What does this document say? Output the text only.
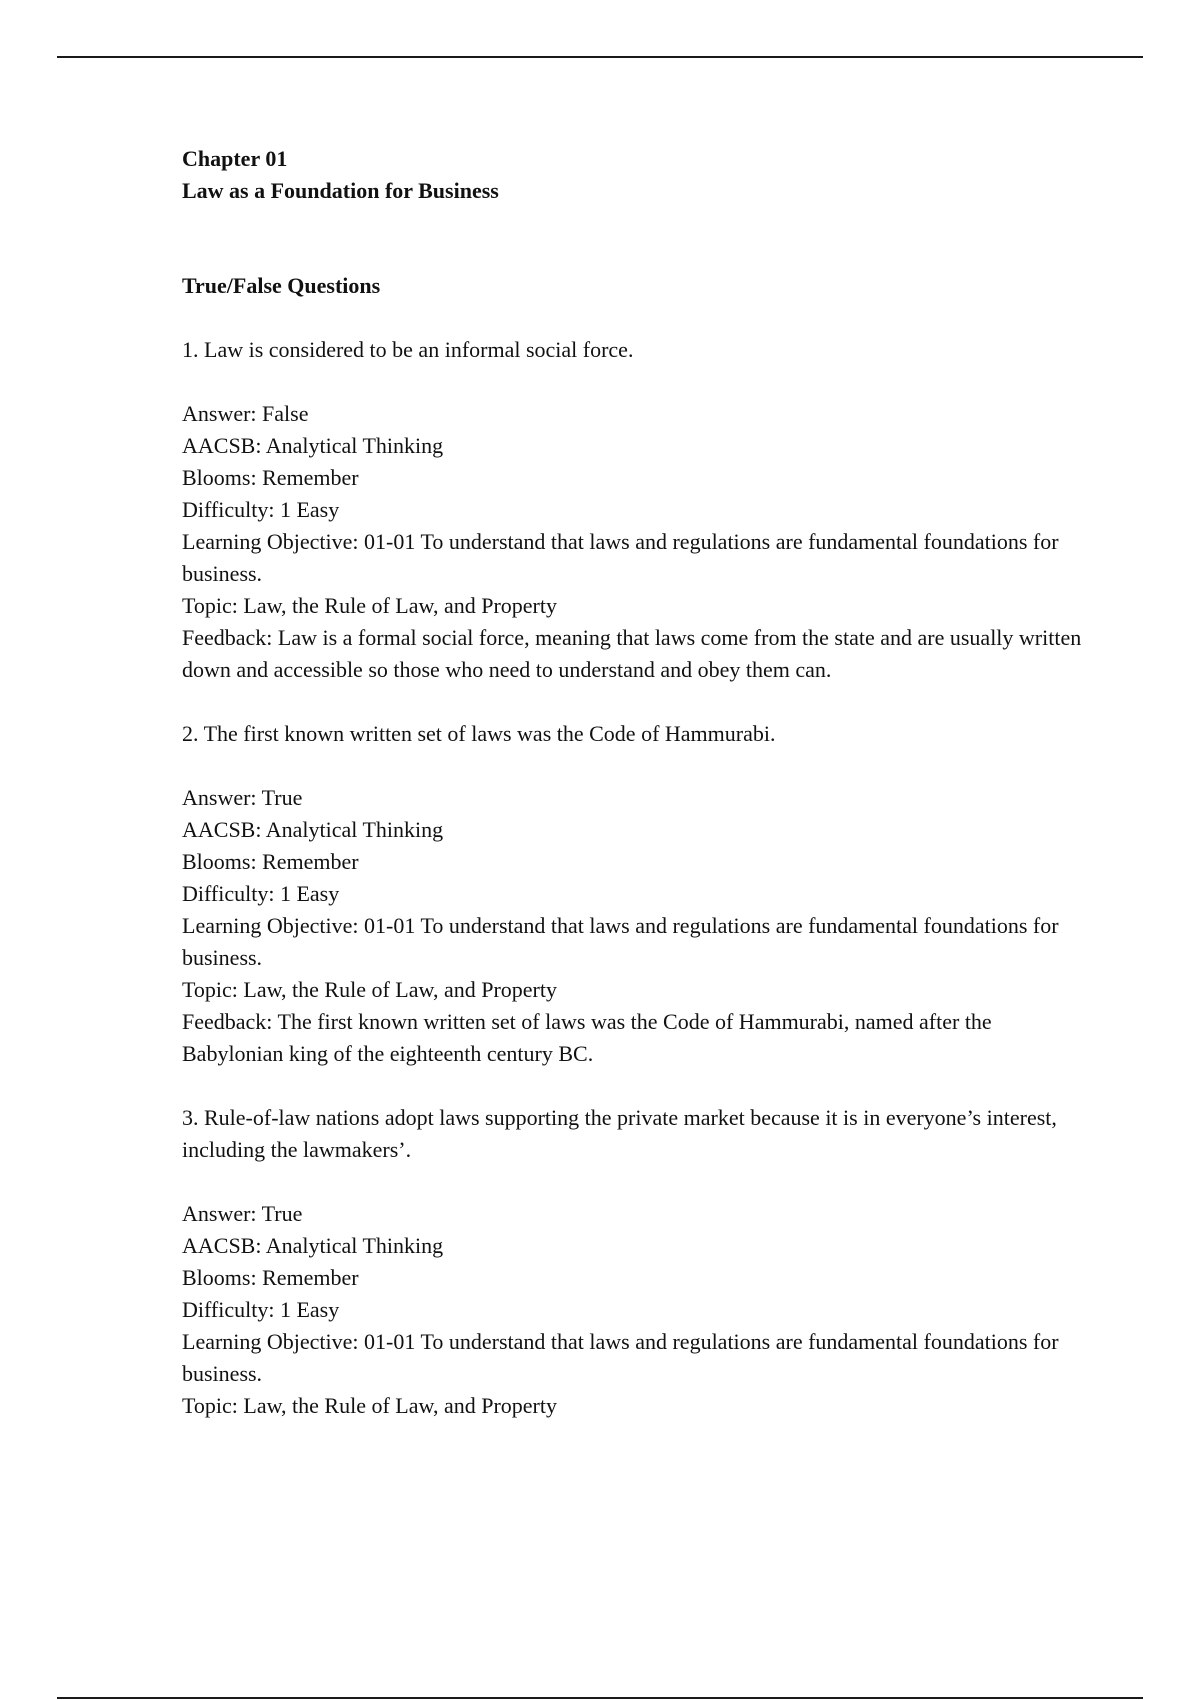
Chapter 01

Law as a Foundation for Business

True/False Questions

1. Law is considered to be an informal social force.

Answer: False

AACSB: Analytical Thinking

Blooms: Remember

Difficulty: 1 Easy

Learning Objective: 01-01 To understand that laws and regulations are fundamental foundations for business.

Topic: Law, the Rule of Law, and Property

Feedback: Law is a formal social force, meaning that laws come from the state and are usually written down and accessible so those who need to understand and obey them can.

2. The first known written set of laws was the Code of Hammurabi.

Answer: True

AACSB: Analytical Thinking

Blooms: Remember

Difficulty: 1 Easy

Learning Objective: 01-01 To understand that laws and regulations are fundamental foundations for business.

Topic: Law, the Rule of Law, and Property

Feedback: The first known written set of laws was the Code of Hammurabi, named after the Babylonian king of the eighteenth century BC.

3. Rule-of-law nations adopt laws supporting the private market because it is in everyone’s interest, including the lawmakers’.

Answer: True

AACSB: Analytical Thinking

Blooms: Remember

Difficulty: 1 Easy

Learning Objective: 01-01 To understand that laws and regulations are fundamental foundations for business.

Topic: Law, the Rule of Law, and Property
